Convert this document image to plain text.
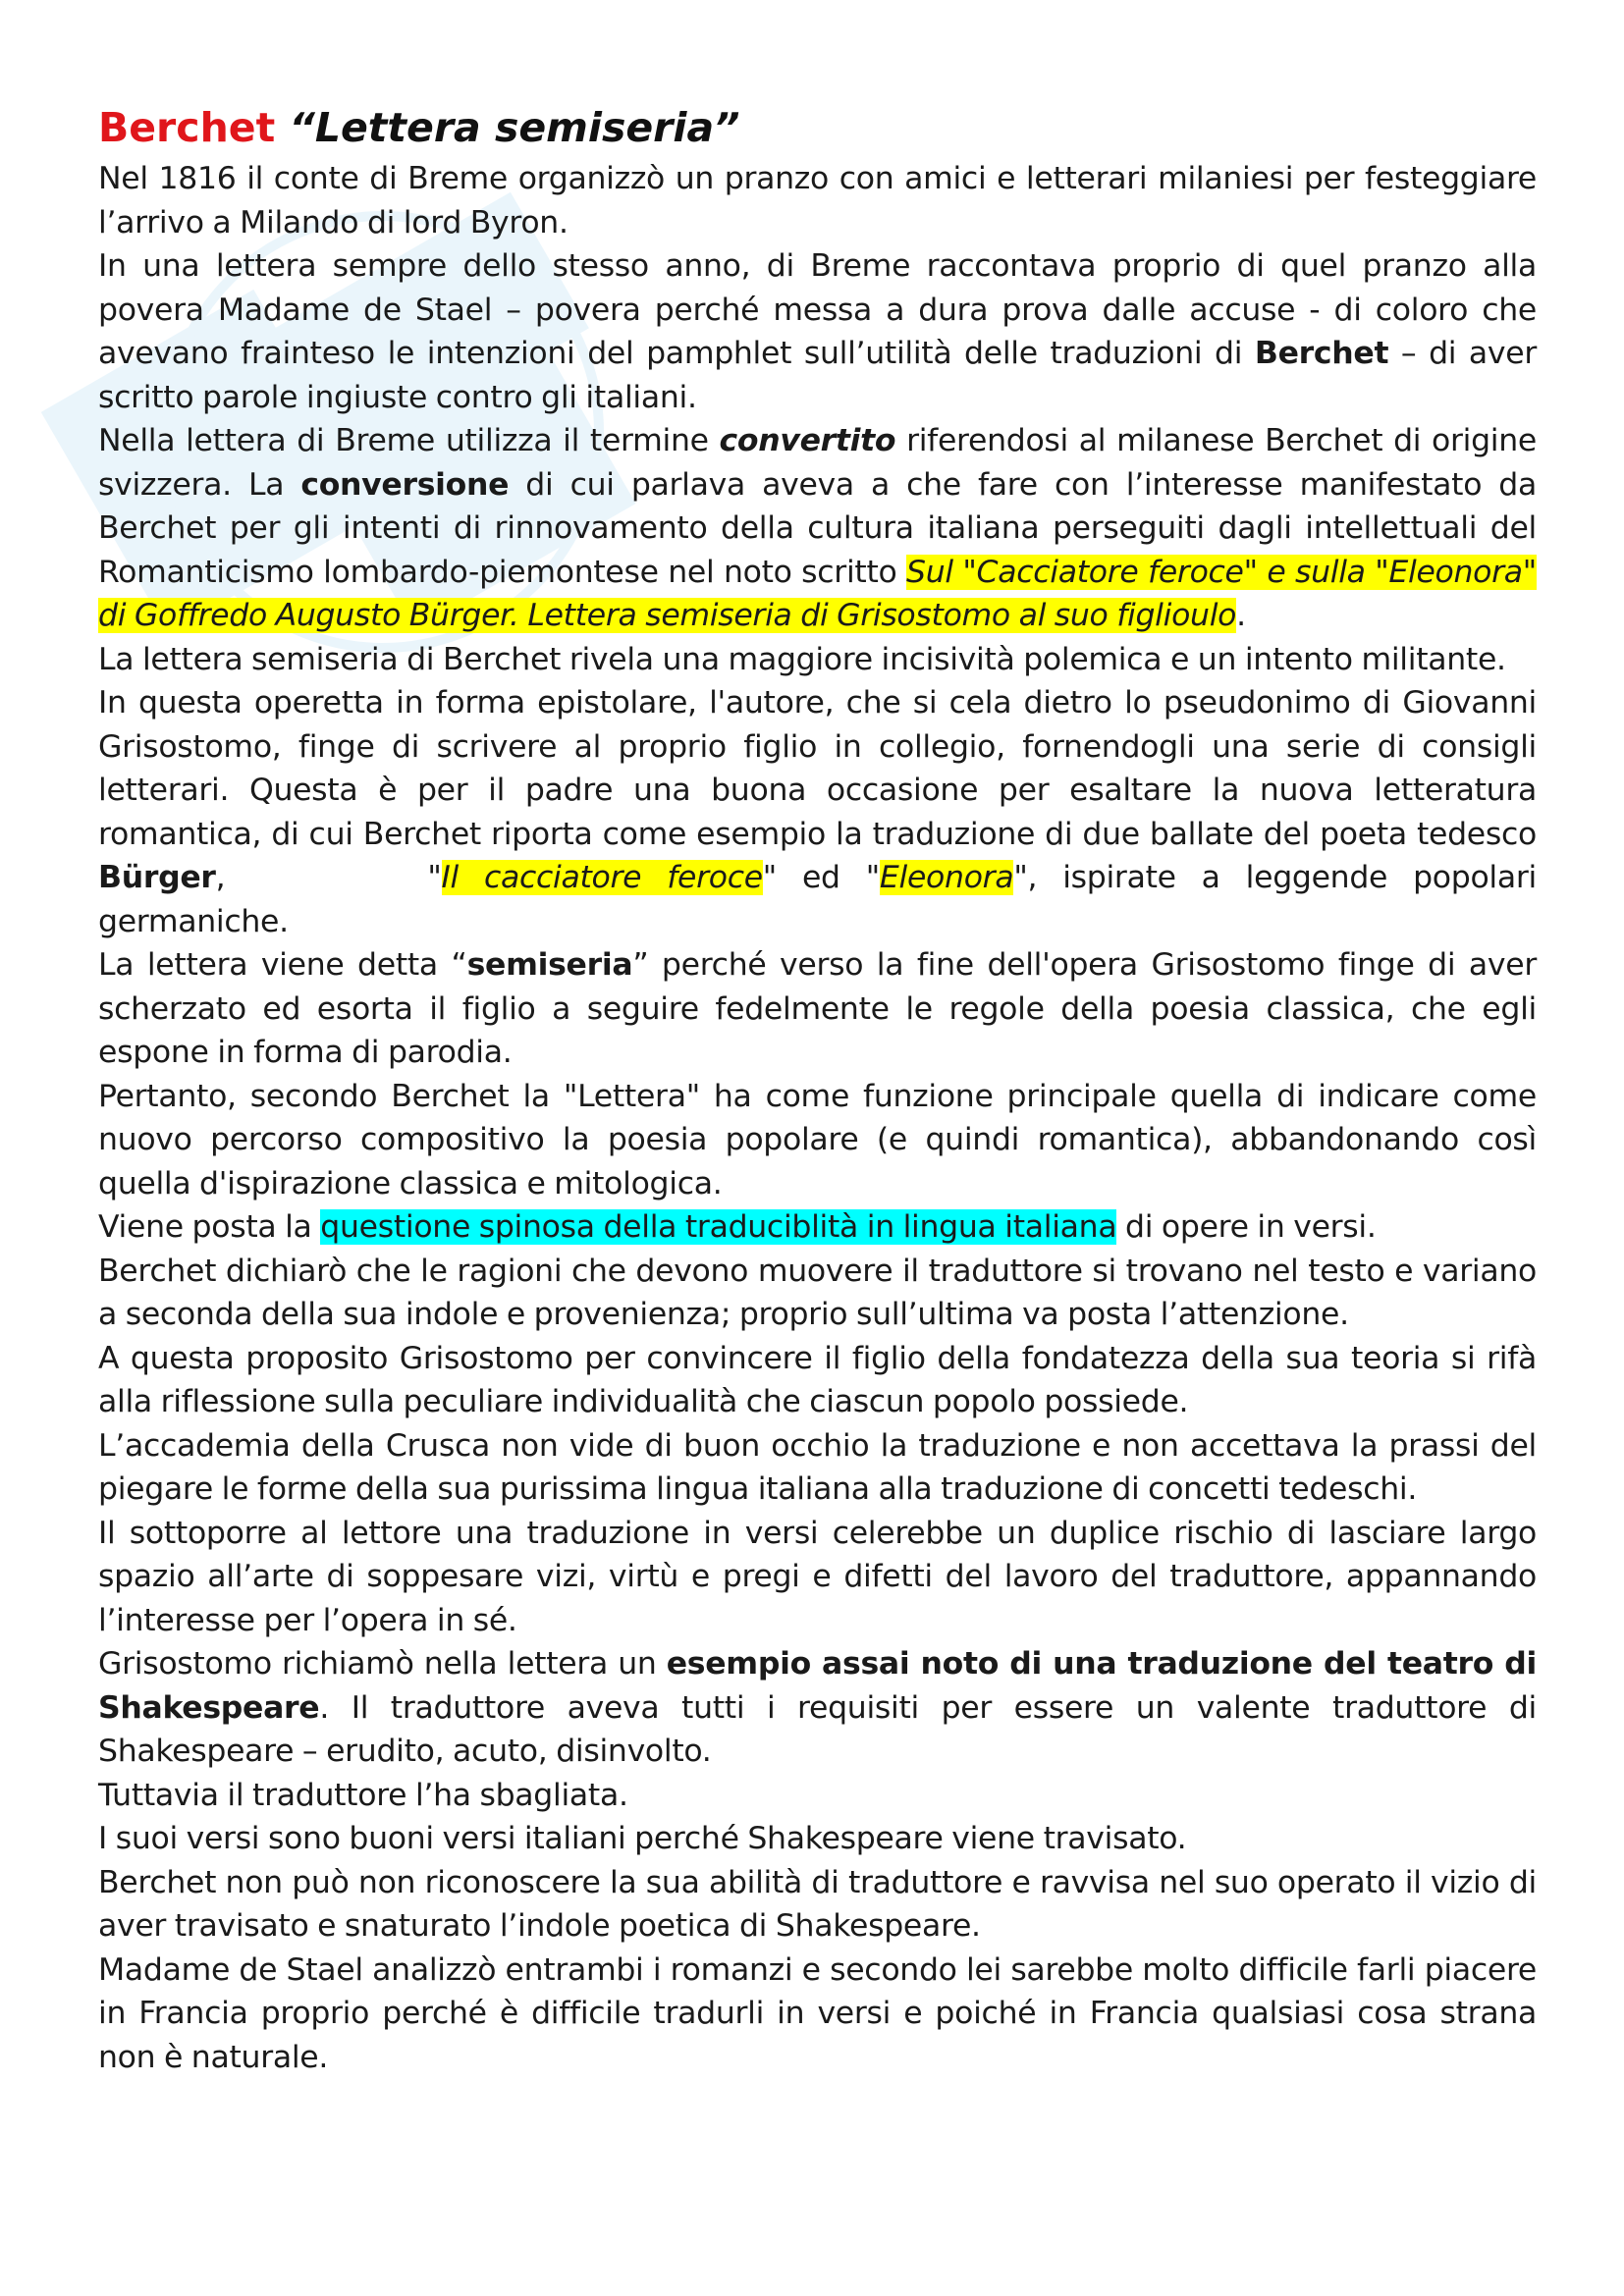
Berchet “Lettera semiseria”

Nel 1816 il conte di Breme organizzò un pranzo con amici e letterari milaniesi per festeggiare l’arrivo a Milando di lord Byron.

In una lettera sempre dello stesso anno, di Breme raccontava proprio di quel pranzo alla povera Madame de Stael – povera perché messa a dura prova dalle accuse - di coloro che avevano frainteso le intenzioni del pamphlet sull’utilità delle traduzioni di Berchet – di aver scritto parole ingiuste contro gli italiani.

Nella lettera di Breme utilizza il termine convertito riferendosi al milanese Berchet di origine svizzera. La conversione di cui parlava aveva a che fare con l’interesse manifestato da Berchet per gli intenti di rinnovamento della cultura italiana perseguiti dagli intellettuali del Romanticismo lombardo-piemontese nel noto scritto Sul "Cacciatore feroce" e sulla "Eleonora" di Goffredo Augusto Bürger. Lettera semiseria di Grisostomo al suo figlioulo.

La lettera semiseria di Berchet rivela una maggiore incisività polemica e un intento militante.

In questa operetta in forma epistolare, l'autore, che si cela dietro lo pseudonimo di Giovanni Grisostomo, finge di scrivere al proprio figlio in collegio, fornendogli una serie di consigli letterari. Questa è per il padre una buona occasione per esaltare la nuova letteratura romantica, di cui Berchet riporta come esempio la traduzione di due ballate del poeta tedesco Bürger,	"Il cacciatore feroce" ed "Eleonora", ispirate a leggende popolari germaniche.

La lettera viene detta “semiseria” perché verso la fine dell'opera Grisostomo finge di aver scherzato ed esorta il figlio a seguire fedelmente le regole della poesia classica, che egli espone in forma di parodia.

Pertanto, secondo Berchet la "Lettera" ha come funzione principale quella di indicare come nuovo percorso compositivo la poesia popolare (e quindi romantica), abbandonando così quella d'ispirazione classica e mitologica.

Viene posta la questione spinosa della traduciblità in lingua italiana di opere in versi.

Berchet dichiarò che le ragioni che devono muovere il traduttore si trovano nel testo e variano a seconda della sua indole e provenienza; proprio sull’ultima va posta l’attenzione.

A questa proposito Grisostomo per convincere il figlio della fondatezza della sua teoria si rifà alla riflessione sulla peculiare individualità che ciascun popolo possiede.

L’accademia della Crusca non vide di buon occhio la traduzione e non accettava la prassi del piegare le forme della sua purissima lingua italiana alla traduzione di concetti tedeschi.

Il sottoporre al lettore una traduzione in versi celerebbe un duplice rischio di lasciare largo spazio all’arte di soppesare vizi, virtù e pregi e difetti del lavoro del traduttore, appannando l’interesse per l’opera in sé.

Grisostomo richiamò nella lettera un esempio assai noto di una traduzione del teatro di Shakespeare. Il traduttore aveva tutti i requisiti per essere un valente traduttore di Shakespeare – erudito, acuto, disinvolto.

Tuttavia il traduttore l’ha sbagliata.

I suoi versi sono buoni versi italiani perché Shakespeare viene travisato.

Berchet non può non riconoscere la sua abilità di traduttore e ravvisa nel suo operato il vizio di aver travisato e snaturato l’indole poetica di Shakespeare.

Madame de Stael analizzò entrambi i romanzi e secondo lei sarebbe molto difficile farli piacere in Francia proprio perché è difficile tradurli in versi e poiché in Francia qualsiasi cosa strana non è naturale.
